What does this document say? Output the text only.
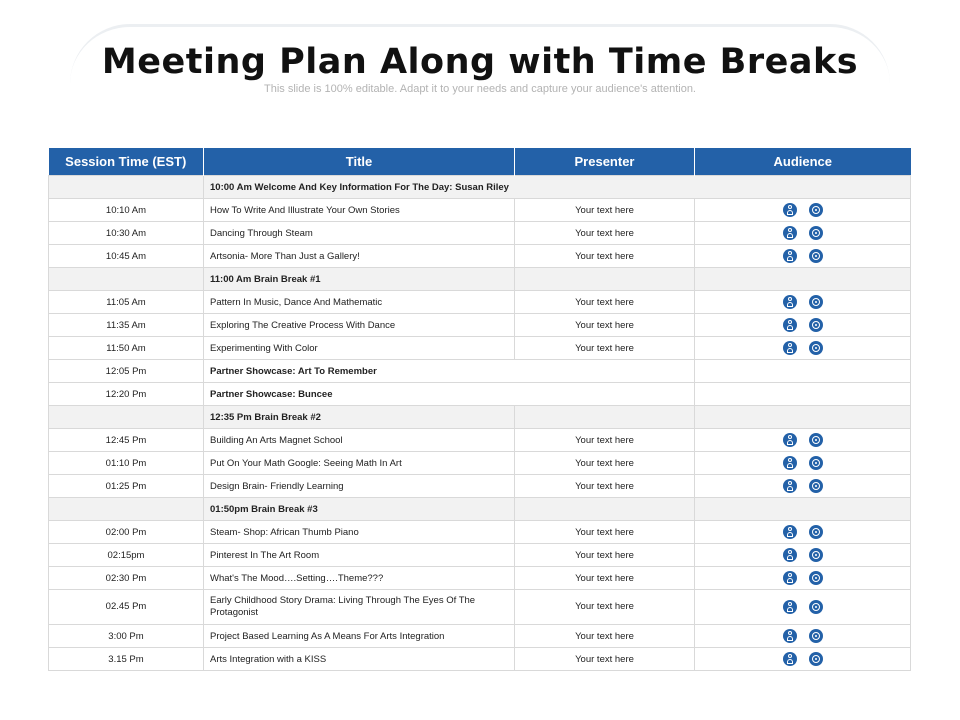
Meeting Plan Along with Time Breaks
This slide is 100% editable. Adapt it to your needs and capture your audience's attention.
Session Time (EST)	Title	Presenter	Audience
	10:00 Am Welcome And Key Information For The Day: Susan Riley		
10:10 Am	How To Write And Illustrate Your Own Stories	Your text here	
10:30 Am	Dancing Through Steam	Your text here	
10:45 Am	Artsonia- More Than Just a Gallery!	Your text here	
	11:00 Am Brain Break #1		
11:05 Am	Pattern In Music, Dance And Mathematic	Your text here	
11:35 Am	Exploring The Creative Process With Dance	Your text here	
11:50 Am	Experimenting With Color	Your text here	
12:05 Pm	Partner Showcase: Art To Remember		
12:20 Pm	Partner Showcase: Buncee		
	12:35 Pm Brain Break #2		
12:45 Pm	Building An Arts Magnet School	Your text here	
01:10 Pm	Put On Your Math Google: Seeing Math In Art	Your text here	
01:25 Pm	Design Brain- Friendly Learning	Your text here	
	01:50pm Brain Break #3		
02:00 Pm	Steam- Shop: African Thumb Piano	Your text here	
02:15pm	Pinterest In The Art Room	Your text here	
02:30 Pm	What's The Mood….Setting….Theme???	Your text here	
02.45 Pm	Early Childhood Story Drama: Living Through The Eyes Of The Protagonist	Your text here	
3:00 Pm	Project Based Learning As A Means For Arts Integration	Your text here	
3.15 Pm	Arts Integration with a KISS	Your text here	
